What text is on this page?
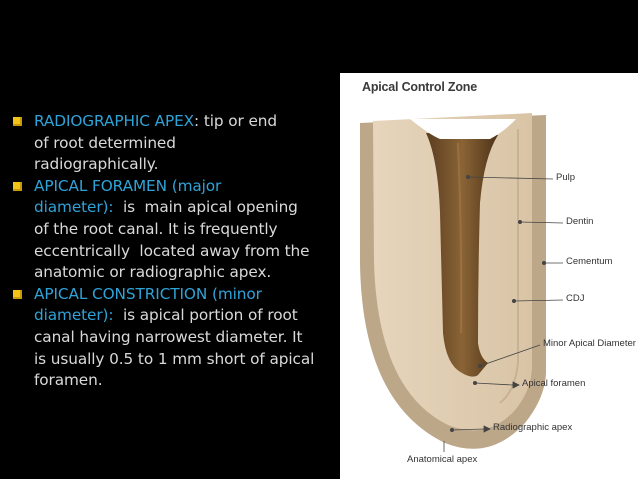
RADIOGRAPHIC APEX: tip or end
of root determined
radiographically.
APICAL FORAMEN (major
diameter):  is  main apical opening
of the root canal. It is frequently
eccentrically  located away from the
anatomic or radiographic apex.
APICAL CONSTRICTION (minor
diameter):  is apical portion of root
canal having narrowest diameter. It
is usually 0.5 to 1 mm short of apical
foramen.
Apical Control Zone
Pulp
Dentin
Cementum
CDJ
Minor Apical Diameter
Apical foramen
Radiographic apex
Anatomical apex
